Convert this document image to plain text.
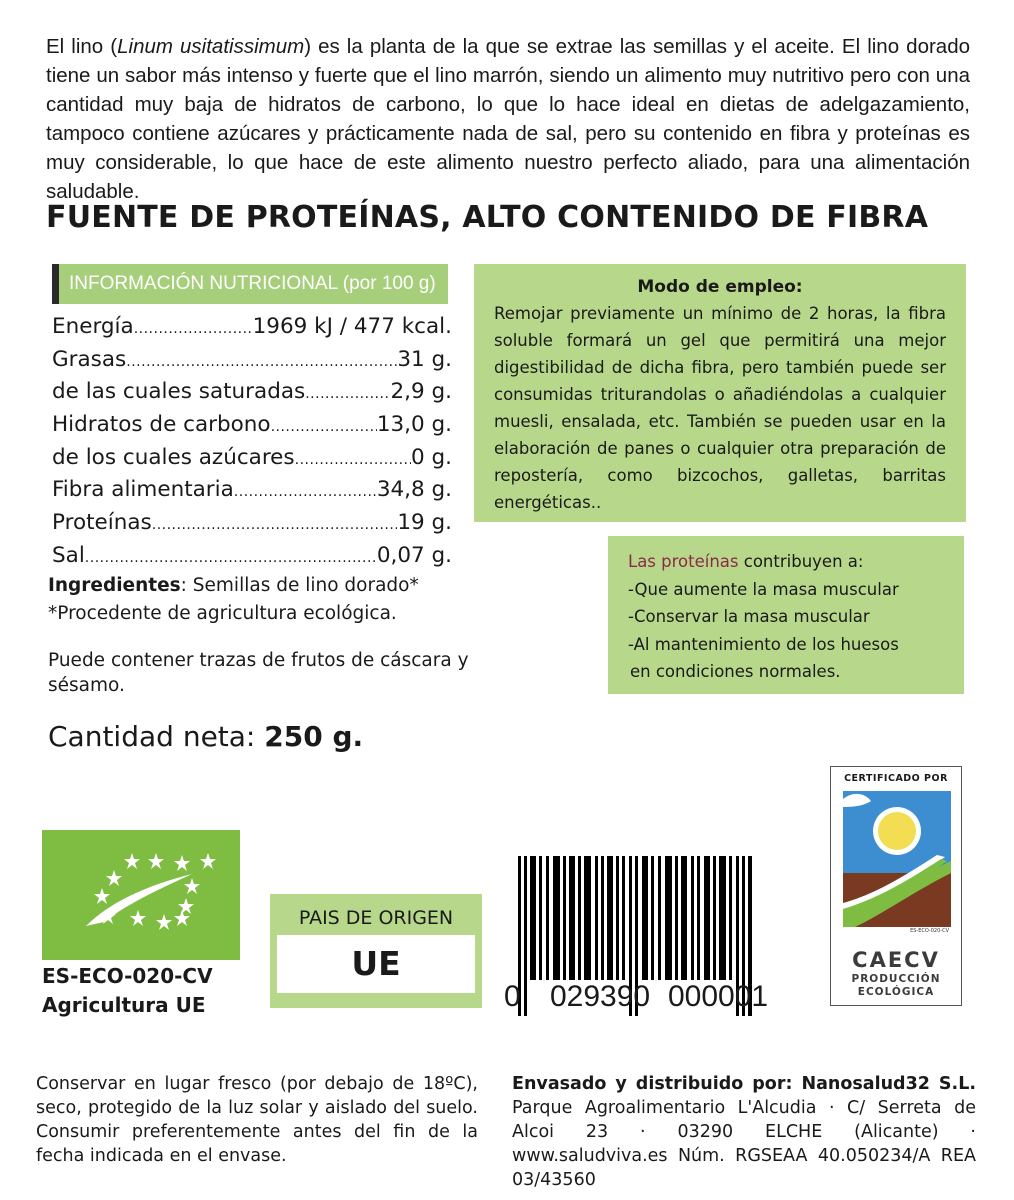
El lino (Linum usitatissimum) es la planta de la que se extrae las semillas y el aceite. El lino dorado tiene un sabor más intenso y fuerte que el lino marrón, siendo un alimento muy nutritivo pero con una cantidad muy baja de hidratos de carbono, lo que lo hace ideal en dietas de adelgazamiento, tampoco contiene azúcares y prácticamente nada de sal, pero su contenido en fibra y proteínas es muy considerable, lo que hace de este alimento nuestro perfecto aliado, para una alimentación saludable.

FUENTE DE PROTEÍNAS, ALTO CONTENIDO DE FIBRA
INFORMACIÓN NUTRICIONAL (por 100 g)
Energía .....	1969 kJ / 477 kcal.
Grasas .....	31 g.
de las cuales saturadas .....	2,9 g.
Hidratos de carbono .....	13,0 g.
de los cuales azúcares .....	0 g.
Fibra alimentaria .....	34,8 g.
Proteínas .....	19 g.
Sal .....	0,07 g.
Ingredientes: Semillas de lino dorado*
*Procedente de agricultura ecológica.

Puede contener trazas de frutos de cáscara y sésamo.

Cantidad neta: 250 g.
Modo de empleo:

Remojar previamente un mínimo de 2 horas, la fibra soluble formará un gel que permitirá una mejor digestibilidad de dicha fibra, pero también puede ser consumidas triturandolas o añadiéndolas a cualquier muesli, ensalada, etc. También se pueden usar en la elaboración de panes o cualquier otra preparación de repostería, como bizcochos, galletas, barritas energéticas..

Las proteínas contribuyen a:
-Que aumente la masa muscular
-Conservar la masa muscular
-Al mantenimiento de los huesos
en condiciones normales.
ES-ECO-020-CV
Agricultura UE
PAIS DE ORIGEN
UE
0 029390 000001
CERTIFICADO POR
ES-ECO-020-CV
CAECV
PRODUCCIÓN
ECOLÓGICA

Conservar en lugar fresco (por debajo de 18ºC), seco, protegido de la luz solar y aislado del suelo. Consumir preferentemente antes del fin de la fecha indicada en el envase.

Envasado y distribuido por: Nanosalud32 S.L. Parque Agroalimentario L'Alcudia · C/ Serreta de Alcoi 23 · 03290 ELCHE (Alicante) · www.saludviva.es Núm. RGSEAA 40.050234/A REA 03/43560
